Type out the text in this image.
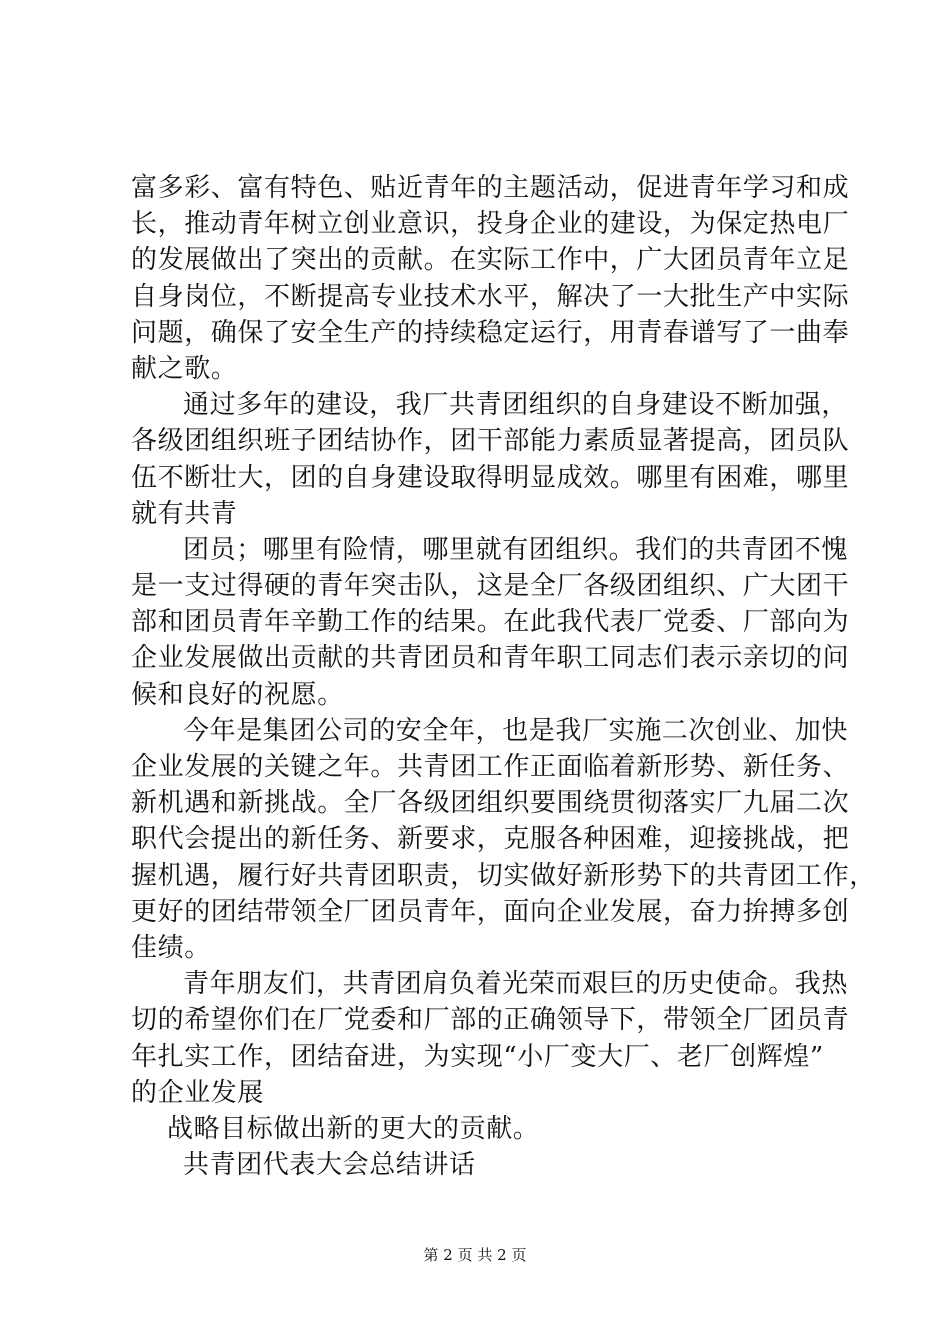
富多彩、富有特色、贴近青年的主题活动，促进青年学习和成
长，推动青年树立创业意识，投身企业的建设，为保定热电厂
的发展做出了突出的贡献。在实际工作中，广大团员青年立足
自身岗位，不断提高专业技术水平，解决了一大批生产中实际
问题，确保了安全生产的持续稳定运行，用青春谱写了一曲奉
献之歌。
通过多年的建设，我厂共青团组织的自身建设不断加强，
各级团组织班子团结协作，团干部能力素质显著提高，团员队
伍不断壮大，团的自身建设取得明显成效。哪里有困难，哪里
就有共青
团员；哪里有险情，哪里就有团组织。我们的共青团不愧
是一支过得硬的青年突击队，这是全厂各级团组织、广大团干
部和团员青年辛勤工作的结果。在此我代表厂党委、厂部向为
企业发展做出贡献的共青团员和青年职工同志们表示亲切的问
候和良好的祝愿。
今年是集团公司的安全年，也是我厂实施二次创业、加快
企业发展的关键之年。共青团工作正面临着新形势、新任务、
新机遇和新挑战。全厂各级团组织要围绕贯彻落实厂九届二次
职代会提出的新任务、新要求，克服各种困难，迎接挑战，把
握机遇，履行好共青团职责，切实做好新形势下的共青团工作，
更好的团结带领全厂团员青年，面向企业发展，奋力拚搏多创
佳绩。
青年朋友们，共青团肩负着光荣而艰巨的历史使命。我热
切的希望你们在厂党委和厂部的正确领导下，带领全厂团员青
年扎实工作，团结奋进，为实现“小厂变大厂、老厂创辉煌”
的企业发展
战略目标做出新的更大的贡献。
共青团代表大会总结讲话
第 2 页 共 2 页
